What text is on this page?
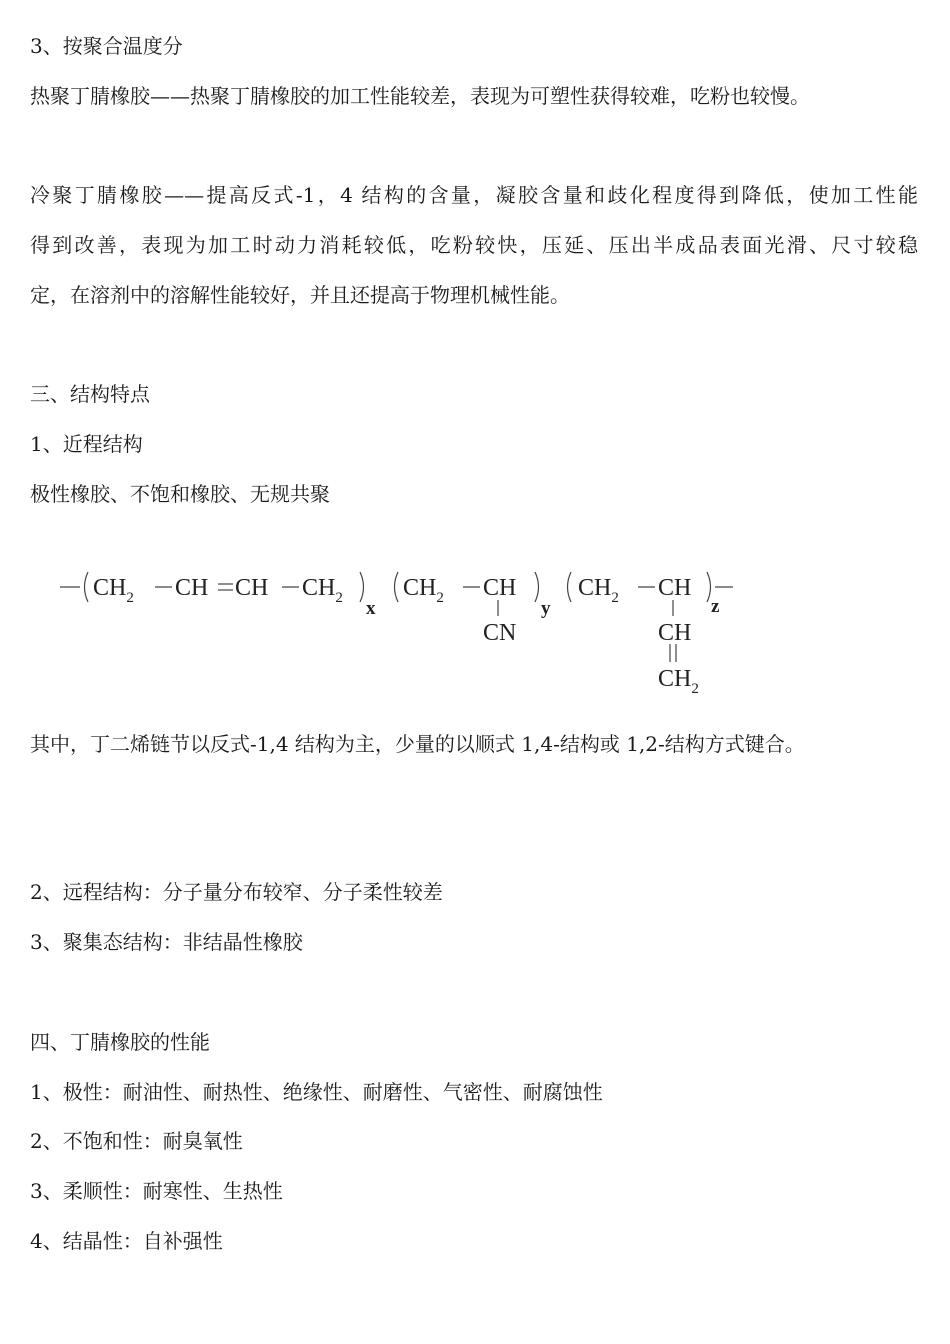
3、按聚合温度分
热聚丁腈橡胶——热聚丁腈橡胶的加工性能较差，表现为可塑性获得较难，吃粉也较慢。
冷聚丁腈橡胶——提高反式-1，4 结构的含量，凝胶含量和歧化程度得到降低，使加工性能
得到改善，表现为加工时动力消耗较低，吃粉较快，压延、压出半成品表面光滑、尺寸较稳
定，在溶剂中的溶解性能较好，并且还提高于物理机械性能。
三、结构特点
1、近程结构
极性橡胶、不饱和橡胶、无规共聚
$CH_2$ CH CH $CH_2$ x
$CH_2$ CH
CN
y
$CH_2$ CH
CH
$CH_2$
z
其中，丁二烯链节以反式-1,4 结构为主，少量的以顺式 1,4-结构或 1,2-结构方式键合。
2、远程结构：分子量分布较窄、分子柔性较差
3、聚集态结构：非结晶性橡胶
四、丁腈橡胶的性能
1、极性：耐油性、耐热性、绝缘性、耐磨性、气密性、耐腐蚀性
2、不饱和性：耐臭氧性
3、柔顺性：耐寒性、生热性
4、结晶性：自补强性
